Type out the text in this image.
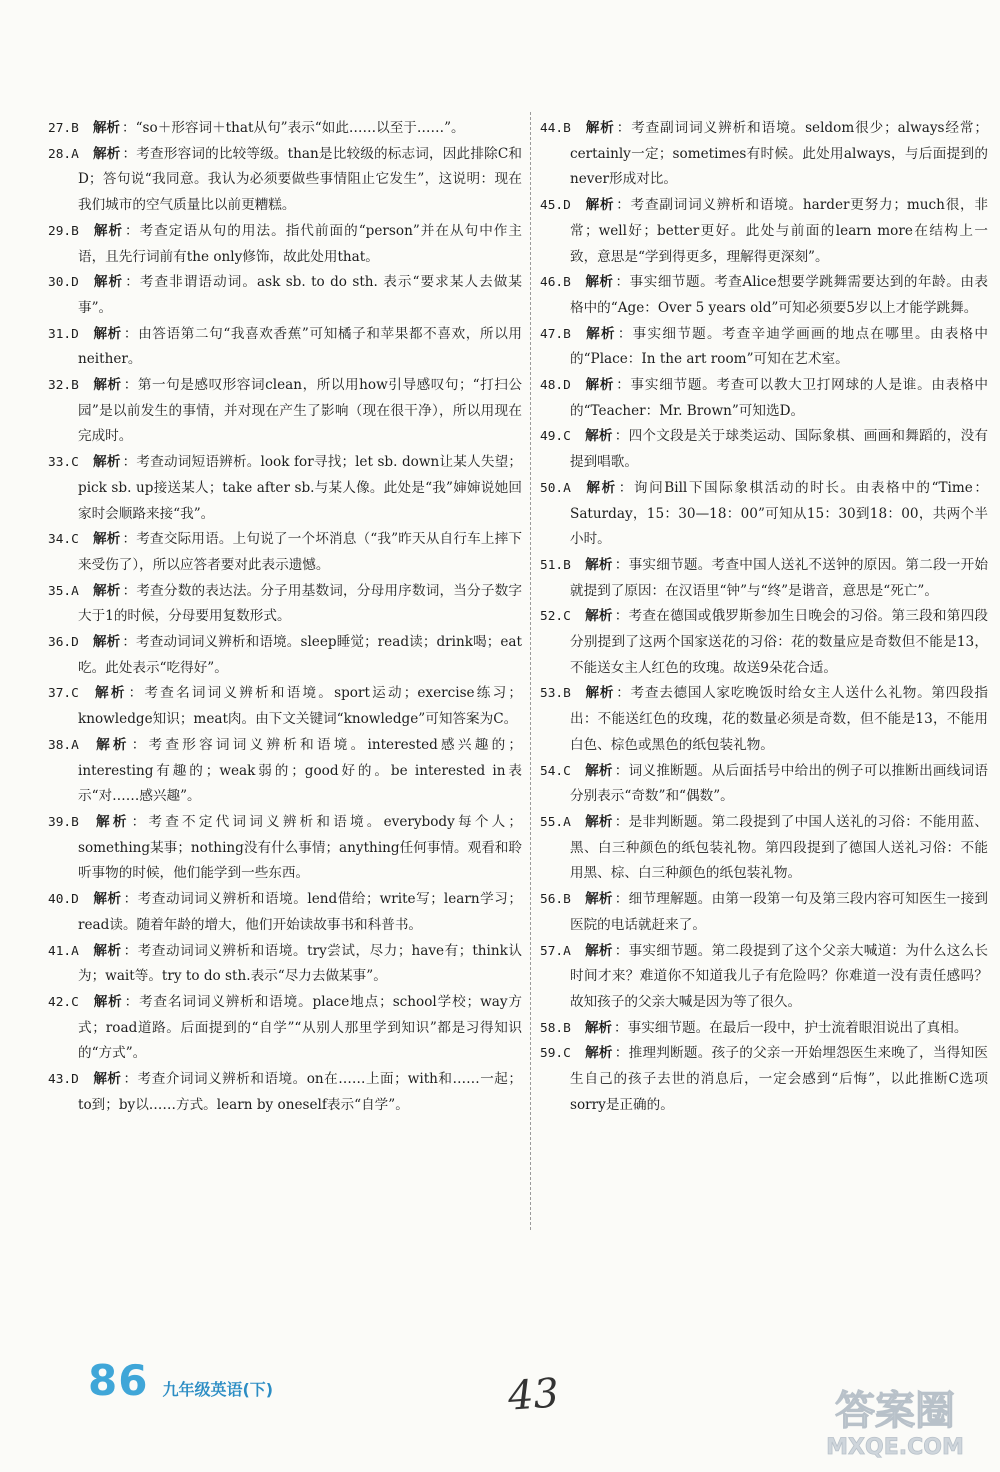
27.B 解析 ：“so＋形容词＋that从句”表示“如此……以至于……”。

28.A 解析 ：考查形容词的比较等级。than是比较级的标志词，因此排除C和D；答句说“我同意。我认为必须要做些事情阻止它发生”，这说明：现在我们城市的空气质量比以前更糟糕。

29.B 解析 ：考查定语从句的用法。指代前面的“person”并在从句中作主语，且先行词前有the only修饰，故此处用that。

30.D 解析 ：考查非谓语动词。ask sb. to do sth. 表示“要求某人去做某事”。

31.D 解析 ：由答语第二句“我喜欢香蕉”可知橘子和苹果都不喜欢，所以用neither。

32.B 解析 ：第一句是感叹形容词clean，所以用how引导感叹句；“打扫公园”是以前发生的事情，并对现在产生了影响（现在很干净），所以用现在完成时。

33.C 解析 ：考查动词短语辨析。look for寻找；let sb. down让某人失望；pick sb. up接送某人；take after sb.与某人像。此处是“我”婶婶说她回家时会顺路来接“我”。

34.C 解析 ：考查交际用语。上句说了一个坏消息（“我”昨天从自行车上摔下来受伤了），所以应答者要对此表示遗憾。

35.A 解析 ：考查分数的表达法。分子用基数词，分母用序数词，当分子数字大于1的时候，分母要用复数形式。

36.D 解析 ：考查动词词义辨析和语境。sleep睡觉；read读；drink喝；eat吃。此处表示“吃得好”。

37.C 解析 ：考查名词词义辨析和语境。sport运动；exercise练习；knowledge知识；meat肉。由下文关键词“knowledge”可知答案为C。

38.A 解析 ：考查形容词词义辨析和语境。interested感兴趣的；interesting有趣的；weak弱的；good好的。be interested in表示“对……感兴趣”。

39.B 解析 ：考查不定代词词义辨析和语境。everybody每个人；something某事；nothing没有什么事情；anything任何事情。观看和聆听事物的时候，他们能学到一些东西。

40.D 解析 ：考查动词词义辨析和语境。lend借给；write写；learn学习；read读。随着年龄的增大，他们开始读故事书和科普书。

41.A 解析 ：考查动词词义辨析和语境。try尝试，尽力；have有；think认为；wait等。try to do sth.表示“尽力去做某事”。

42.C 解析 ：考查名词词义辨析和语境。place地点；school学校；way方式；road道路。后面提到的“自学”“从别人那里学到知识”都是习得知识的“方式”。

43.D 解析 ：考查介词词义辨析和语境。on在……上面；with和……一起；to到；by以……方式。learn by oneself表示“自学”。

44.B 解析 ：考查副词词义辨析和语境。seldom很少；always经常；certainly一定；sometimes有时候。此处用always，与后面提到的never形成对比。

45.D 解析 ：考查副词词义辨析和语境。harder更努力；much很，非常；well好；better更好。此处与前面的learn more在结构上一致，意思是“学到得更多，理解得更深刻”。

46.B 解析 ：事实细节题。考查Alice想要学跳舞需要达到的年龄。由表格中的“Age：Over 5 years old”可知必须要5岁以上才能学跳舞。

47.B 解析 ：事实细节题。考查辛迪学画画的地点在哪里。由表格中的“Place：In the art room”可知在艺术室。

48.D 解析 ：事实细节题。考查可以教大卫打网球的人是谁。由表格中的“Teacher：Mr. Brown”可知选D。

49.C 解析 ：四个文段是关于球类运动、国际象棋、画画和舞蹈的，没有提到唱歌。

50.A 解析 ：询问Bill下国际象棋活动的时长。由表格中的“Time：Saturday，15：30—18：00”可知从15：30到18：00，共两个半小时。

51.B 解析 ：事实细节题。考查中国人送礼不送钟的原因。第二段一开始就提到了原因：在汉语里“钟”与“终”是谐音，意思是“死亡”。

52.C 解析 ：考查在德国或俄罗斯参加生日晚会的习俗。第三段和第四段分别提到了这两个国家送花的习俗：花的数量应是奇数但不能是13，不能送女主人红色的玫瑰。故送9朵花合适。

53.B 解析 ：考查去德国人家吃晚饭时给女主人送什么礼物。第四段指出：不能送红色的玫瑰，花的数量必须是奇数，但不能是13，不能用白色、棕色或黑色的纸包装礼物。

54.C 解析 ：词义推断题。从后面括号中给出的例子可以推断出画线词语分别表示“奇数”和“偶数”。

55.A 解析 ：是非判断题。第二段提到了中国人送礼的习俗：不能用蓝、黑、白三种颜色的纸包装礼物。第四段提到了德国人送礼习俗：不能用黑、棕、白三种颜色的纸包装礼物。

56.B 解析 ：细节理解题。由第一段第一句及第三段内容可知医生一接到医院的电话就赶来了。

57.A 解析 ：事实细节题。第二段提到了这个父亲大喊道：为什么这么长时间才来？难道你不知道我儿子有危险吗？你难道一没有责任感吗？故知孩子的父亲大喊是因为等了很久。

58.B 解析 ：事实细节题。在最后一段中，护士流着眼泪说出了真相。

59.C 解析 ：推理判断题。孩子的父亲一开始埋怨医生来晚了，当得知医生自己的孩子去世的消息后，一定会感到“后悔”，以此推断C选项sorry是正确的。

86 九年级英语(下)	43	答案圈
MXQE.COM
